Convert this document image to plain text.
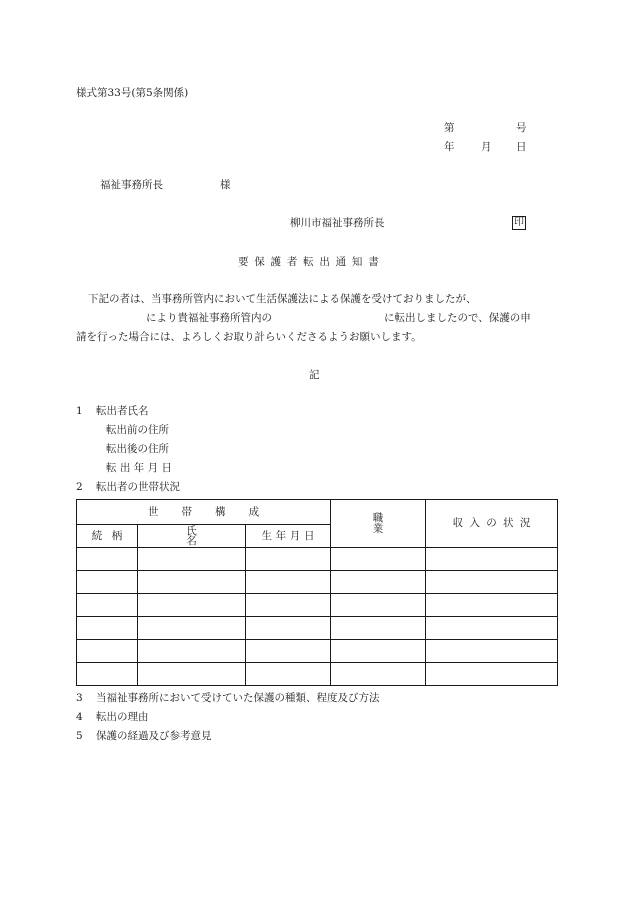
様式第33号(第5条関係)
第	号
年	月 日
福祉事務所長	様
柳川市福祉事務所長	印
要保護者転出通知書
下記の者は、当事務所管内において生活保護法による保護を受けておりましたが、
により貴福祉事務所管内の	に転出しましたので、保護の申
請を行った場合には、よろしくお取り計らいくださるようお願いします。
記
1 転出者氏名
転出前の住所
転出後の住所
転出年月日
2 転出者の世帯状況
世帯構成			職業	収入の状況
続柄	氏名	生年月日		

3 当福祉事務所において受けていた保護の種類、程度及び方法
4 転出の理由
5 保護の経過及び参考意見
